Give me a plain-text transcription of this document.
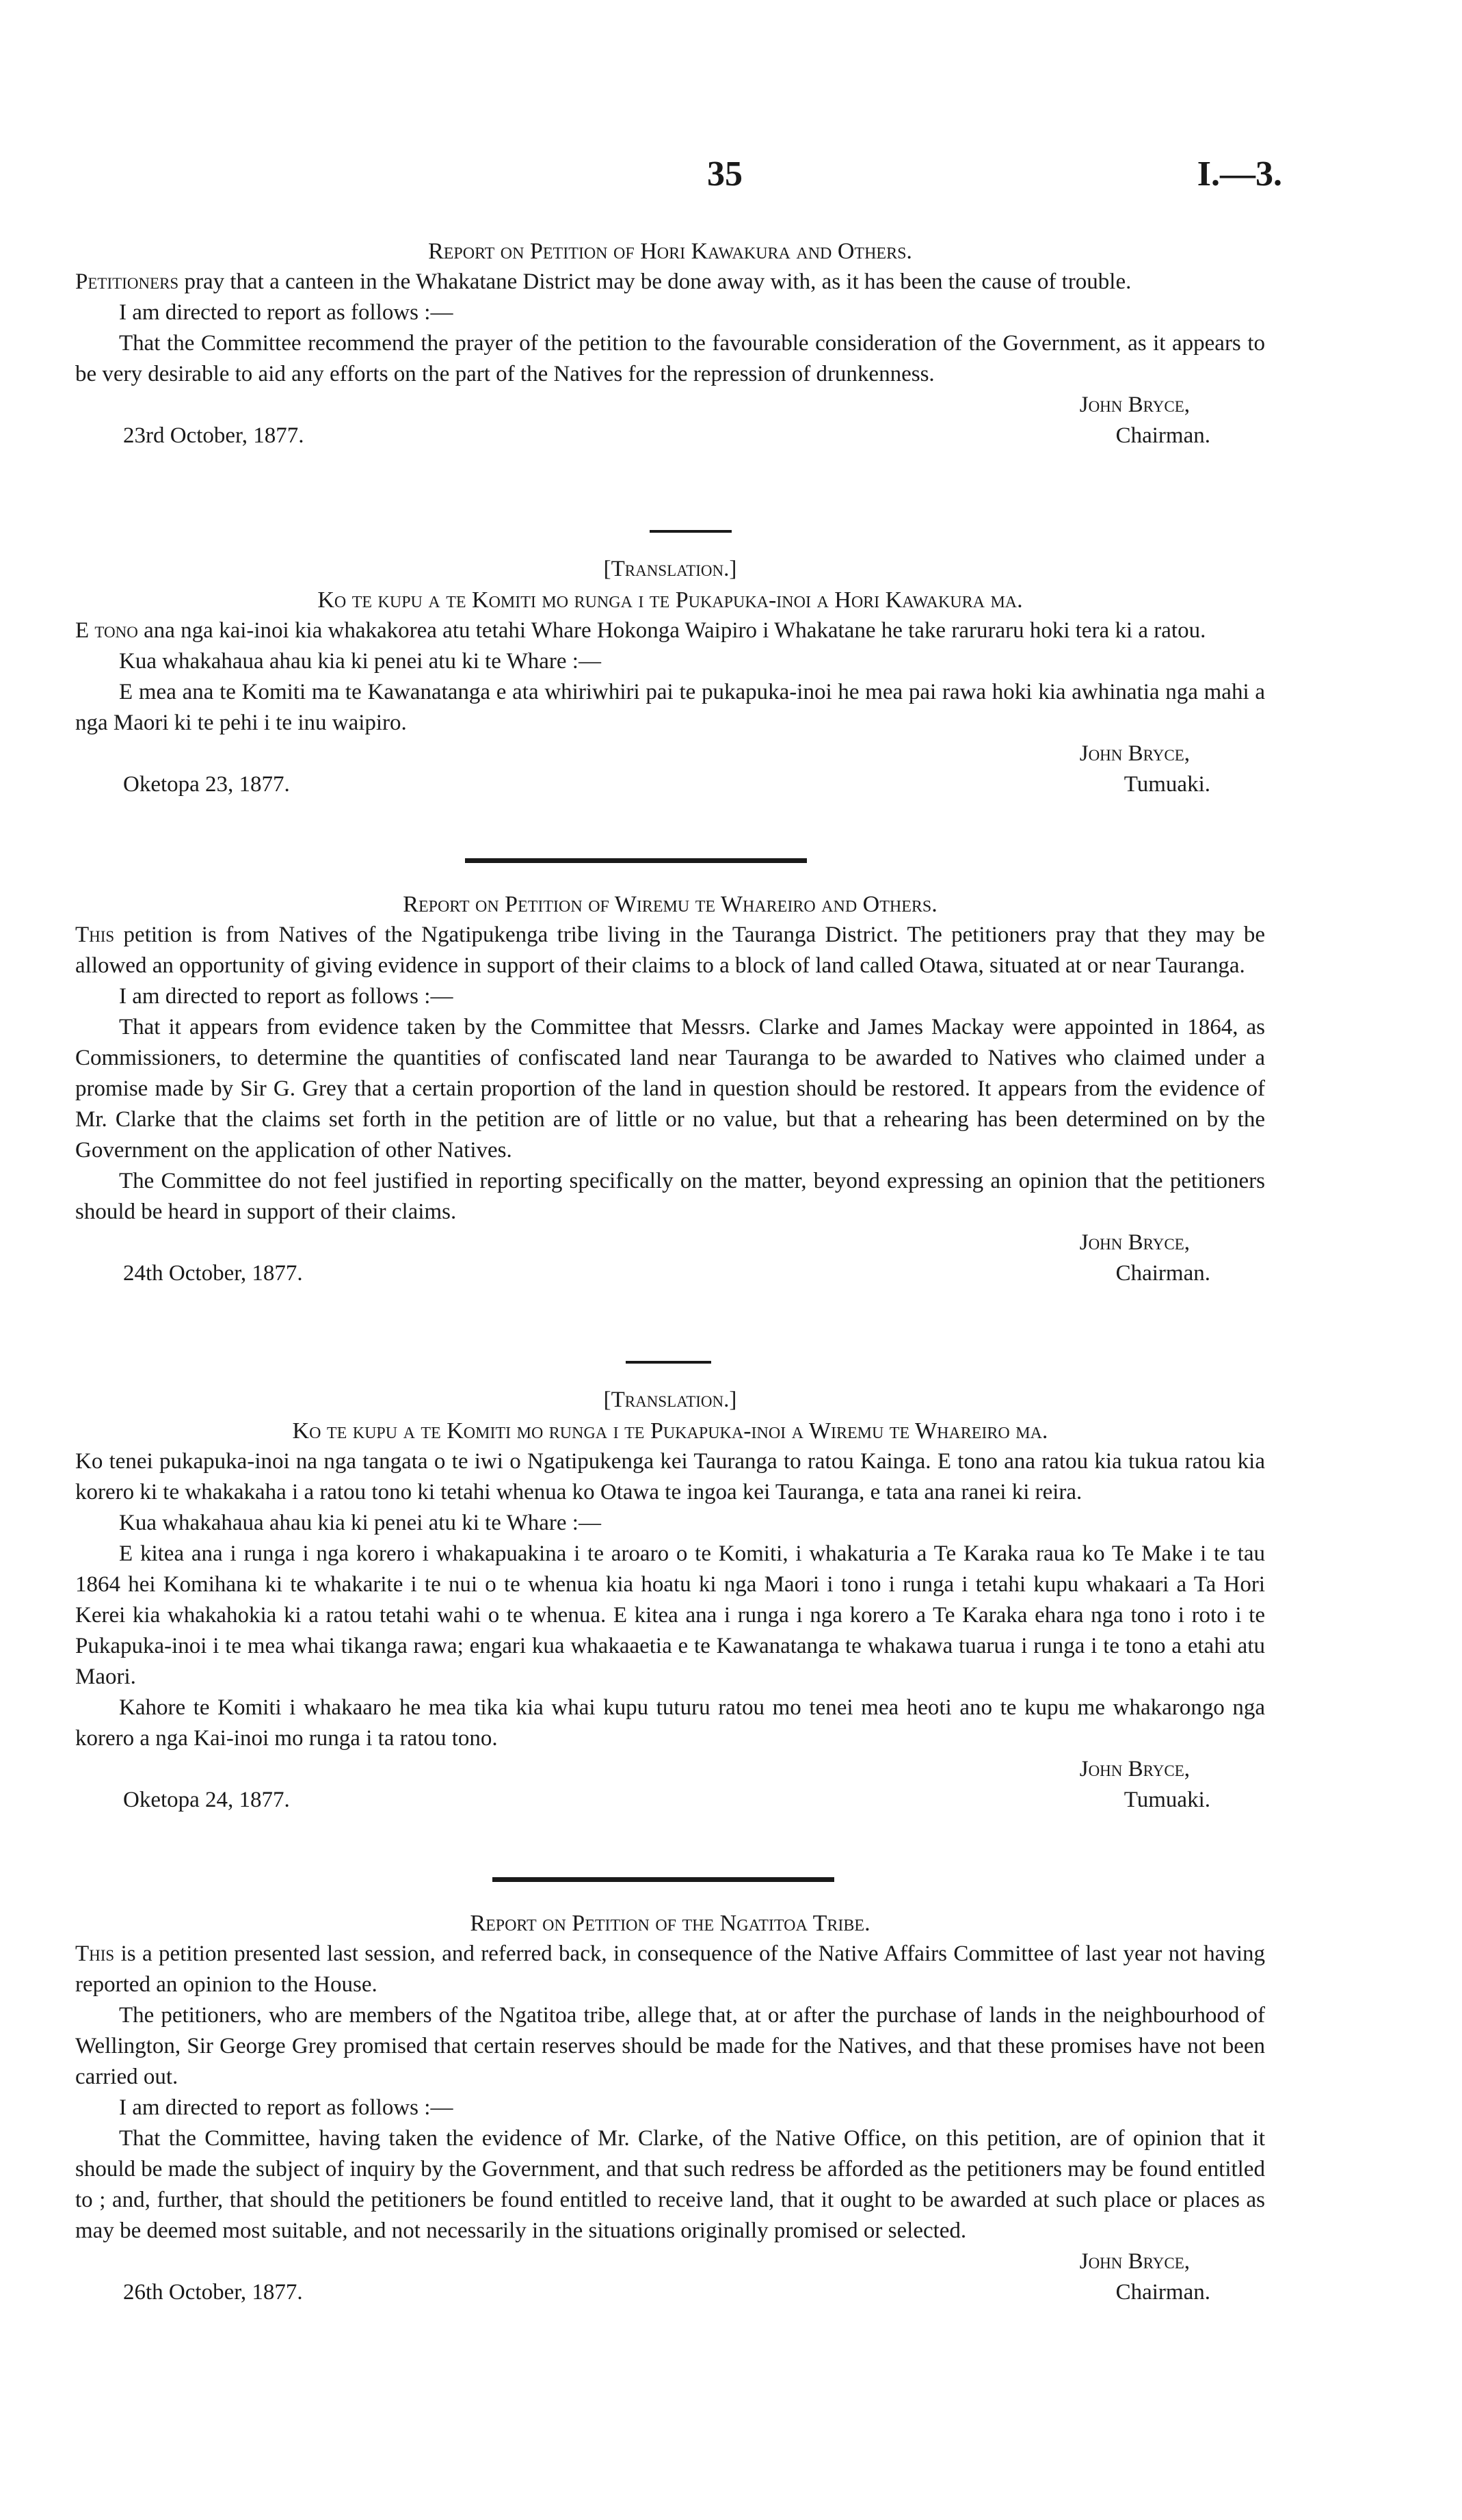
35	I.—3.

Report on Petition of Hori Kawakura and Others.

Petitioners pray that a canteen in the Whakatane District may be done away with, as it has been the cause of trouble.

I am directed to report as follows :—

That the Committee recommend the prayer of the petition to the favourable consideration of the Government, as it appears to be very desirable to aid any efforts on the part of the Natives for the repression of drunkenness.

John Bryce,
23rd October, 1877.	Chairman.

[Translation.]

Ko te kupu a te Komiti mo runga i te Pukapuka-inoi a Hori Kawakura ma.

E tono ana nga kai-inoi kia whakakorea atu tetahi Whare Hokonga Waipiro i Whakatane he take raruraru hoki tera ki a ratou.

Kua whakahaua ahau kia ki penei atu ki te Whare :—

E mea ana te Komiti ma te Kawanatanga e ata whiriwhiri pai te pukapuka-inoi he mea pai rawa hoki kia awhinatia nga mahi a nga Maori ki te pehi i te inu waipiro.

John Bryce,
Oketopa 23, 1877.	Tumuaki.

Report on Petition of Wiremu te Whareiro and Others.

This petition is from Natives of the Ngatipukenga tribe living in the Tauranga District. The petitioners pray that they may be allowed an opportunity of giving evidence in support of their claims to a block of land called Otawa, situated at or near Tauranga.

I am directed to report as follows :—

That it appears from evidence taken by the Committee that Messrs. Clarke and James Mackay were appointed in 1864, as Commissioners, to determine the quantities of confiscated land near Tauranga to be awarded to Natives who claimed under a promise made by Sir G. Grey that a certain proportion of the land in question should be restored. It appears from the evidence of Mr. Clarke that the claims set forth in the petition are of little or no value, but that a rehearing has been determined on by the Government on the application of other Natives.

The Committee do not feel justified in reporting specifically on the matter, beyond expressing an opinion that the petitioners should be heard in support of their claims.

John Bryce,
24th October, 1877.	Chairman.

[Translation.]

Ko te kupu a te Komiti mo runga i te Pukapuka-inoi a Wiremu te Whareiro ma.

Ko tenei pukapuka-inoi na nga tangata o te iwi o Ngatipukenga kei Tauranga to ratou Kainga. E tono ana ratou kia tukua ratou kia korero ki te whakakaha i a ratou tono ki tetahi whenua ko Otawa te ingoa kei Tauranga, e tata ana ranei ki reira.

Kua whakahaua ahau kia ki penei atu ki te Whare :—

E kitea ana i runga i nga korero i whakapuakina i te aroaro o te Komiti, i whakaturia a Te Karaka raua ko Te Make i te tau 1864 hei Komihana ki te whakarite i te nui o te whenua kia hoatu ki nga Maori i tono i runga i tetahi kupu whakaari a Ta Hori Kerei kia whakahokia ki a ratou tetahi wahi o te whenua. E kitea ana i runga i nga korero a Te Karaka ehara nga tono i roto i te Pukapuka-inoi i te mea whai tikanga rawa; engari kua whakaaetia e te Kawanatanga te whakawa tuarua i runga i te tono a etahi atu Maori.

Kahore te Komiti i whakaaro he mea tika kia whai kupu tuturu ratou mo tenei mea heoti ano te kupu me whakarongo nga korero a nga Kai-inoi mo runga i ta ratou tono.

John Bryce,
Oketopa 24, 1877.	Tumuaki.

Report on Petition of the Ngatitoa Tribe.

This is a petition presented last session, and referred back, in consequence of the Native Affairs Committee of last year not having reported an opinion to the House.

The petitioners, who are members of the Ngatitoa tribe, allege that, at or after the purchase of lands in the neighbourhood of Wellington, Sir George Grey promised that certain reserves should be made for the Natives, and that these promises have not been carried out.

I am directed to report as follows :—

That the Committee, having taken the evidence of Mr. Clarke, of the Native Office, on this petition, are of opinion that it should be made the subject of inquiry by the Government, and that such redress be afforded as the petitioners may be found entitled to ; and, further, that should the petitioners be found entitled to receive land, that it ought to be awarded at such place or places as may be deemed most suitable, and not necessarily in the situations originally promised or selected.

John Bryce,
26th October, 1877.	Chairman.
